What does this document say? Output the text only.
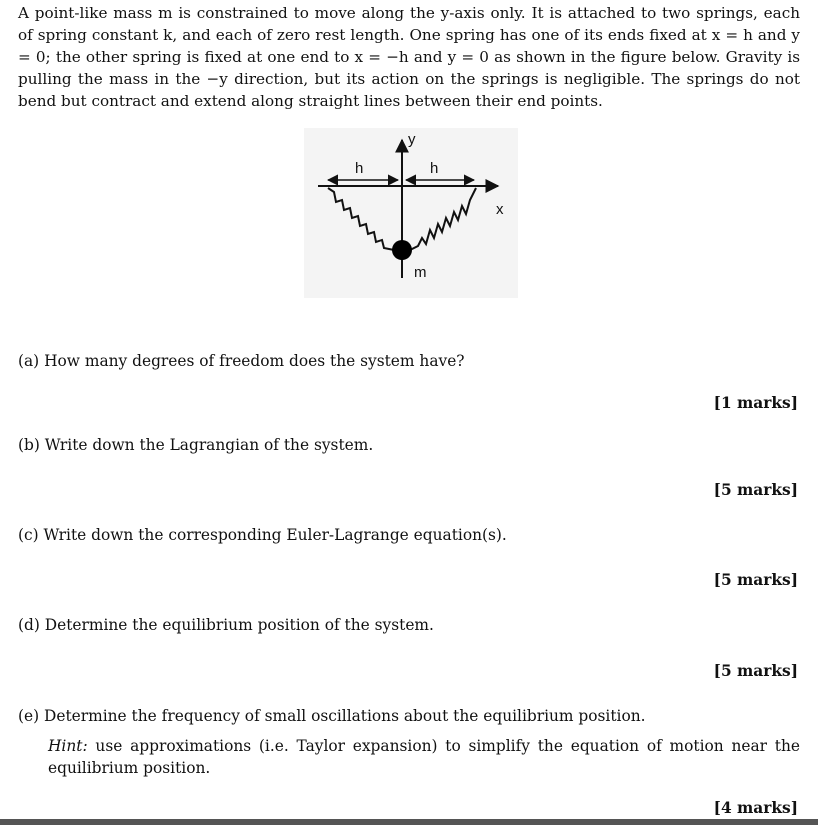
A point-like mass m is constrained to move along the y-axis only. It is attached to two springs, each of spring constant k, and each of zero rest length. One spring has one of its ends fixed at x = h and y = 0; the other spring is fixed at one end to x = −h and y = 0 as shown in the figure below. Gravity is pulling the mass in the −y direction, but its action on the springs is negligible. The springs do not bend but contract and extend along straight lines between their end points.

y
x
h	h
m

(a) How many degrees of freedom does the system have?

[1 marks]

(b) Write down the Lagrangian of the system.

[5 marks]

(c) Write down the corresponding Euler-Lagrange equation(s).

[5 marks]

(d) Determine the equilibrium position of the system.

[5 marks]

(e) Determine the frequency of small oscillations about the equilibrium position.

Hint: use approximations (i.e. Taylor expansion) to simplify the equation of motion near the equilibrium position.

[4 marks]
